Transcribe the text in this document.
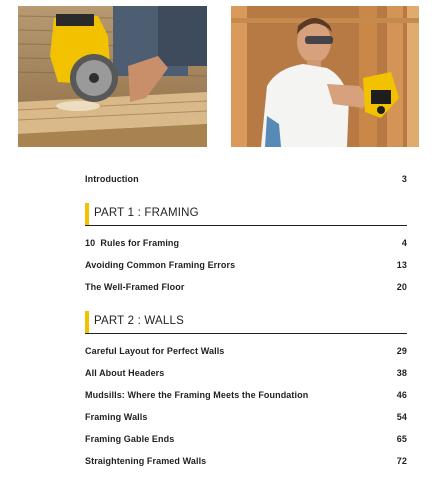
Introduction	3
PART 1 : FRAMING
10  Rules for Framing	4
Avoiding Common Framing Errors	13
The Well-Framed Floor	20
PART 2 : WALLS
Careful Layout for Perfect Walls	29
All About Headers	38
Mudsills: Where the Framing Meets the Foundation	46
Framing Walls	54
Framing Gable Ends	65
Straightening Framed Walls	72
